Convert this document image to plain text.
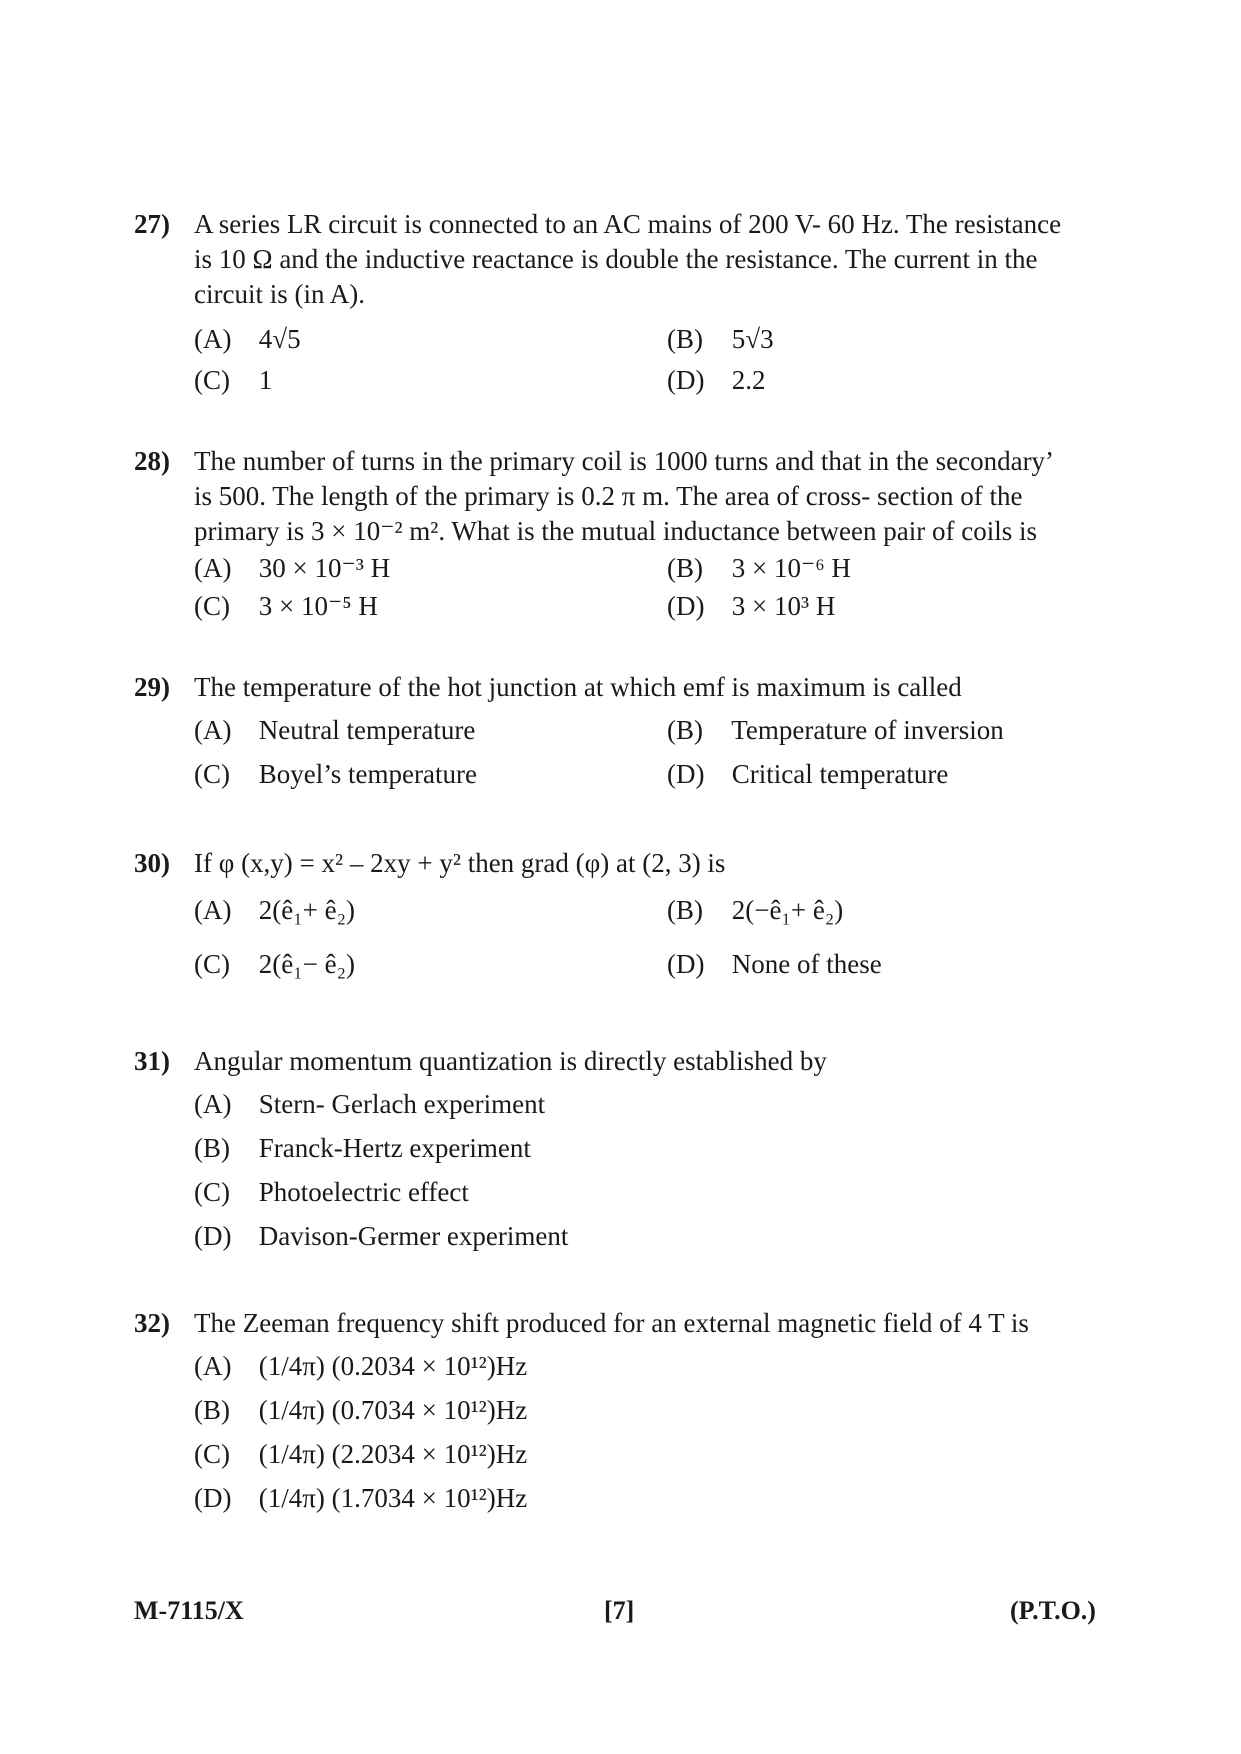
27) A series LR circuit is connected to an AC mains of 200 V- 60 Hz. The resistance
is 10 Ω and the inductive reactance is double the resistance. The current in the
circuit is (in A).
(A) 4√5	(B) 5√3
(C) 1	(D) 2.2
28) The number of turns in the primary coil is 1000 turns and that in the secondary’
is 500. The length of the primary is 0.2 π m. The area of cross- section of the
primary is 3 × 10⁻² m². What is the mutual inductance between pair of coils is
(A) 30 × 10⁻³ H	(B) 3 × 10⁻⁶ H
(C) 3 × 10⁻⁵ H	(D) 3 × 10³ H
29) The temperature of the hot junction at which emf is maximum is called
(A) Neutral temperature	(B) Temperature of inversion
(C) Boyel’s temperature	(D) Critical temperature
30) If φ (x,y) = x² – 2xy + y² then grad (φ) at (2, 3) is
(A) 2(ê₁+ ê₂)	(B) 2(−ê₁+ ê₂)
(C) 2(ê₁− ê₂)	(D) None of these
31) Angular momentum quantization is directly established by
(A) Stern- Gerlach experiment
(B) Franck-Hertz experiment
(C) Photoelectric effect
(D) Davison-Germer experiment
32) The Zeeman frequency shift produced for an external magnetic field of 4 T is
(A) (1/4π) (0.2034 × 10¹²)Hz
(B) (1/4π) (0.7034 × 10¹²)Hz
(C) (1/4π) (2.2034 × 10¹²)Hz
(D) (1/4π) (1.7034 × 10¹²)Hz
M-7115/X	[7]	(P.T.O.)
